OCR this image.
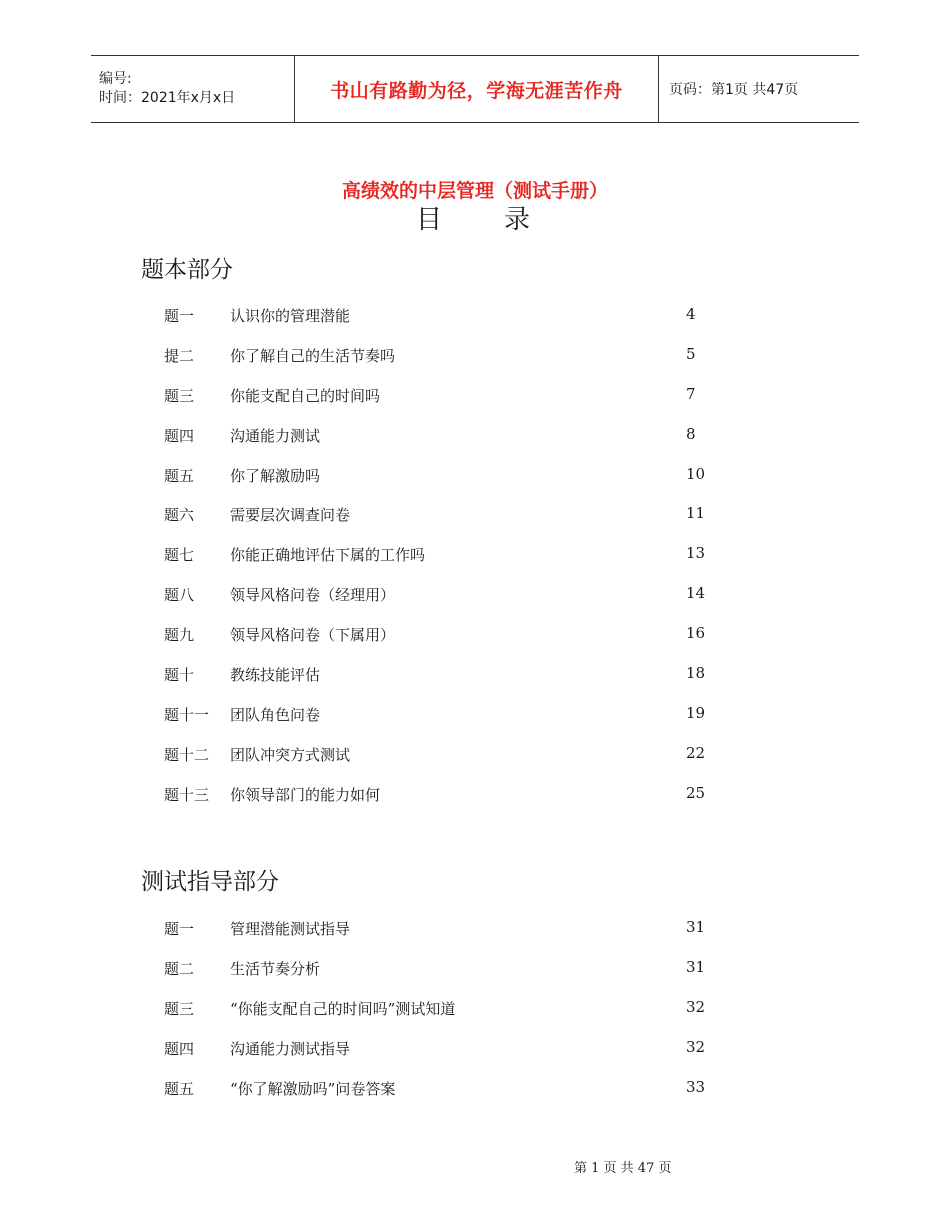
编号:
时间：2021年x月x日	书山有路勤为径，学海无涯苦作舟	页码：第1页 共47页
高绩效的中层管理（测试手册）
目 录
题本部分
题一 认识你的管理潜能	4
提二 你了解自己的生活节奏吗	5
题三 你能支配自己的时间吗	7
题四 沟通能力测试	8
题五 你了解激励吗	10
题六 需要层次调查问卷	11
题七 你能正确地评估下属的工作吗	13
题八 领导风格问卷（经理用）	14
题九 领导风格问卷（下属用）	16
题十 教练技能评估	18
题十一 团队角色问卷	19
题十二 团队冲突方式测试	22
题十三 你领导部门的能力如何	25
测试指导部分
题一 管理潜能测试指导	31
题二 生活节奏分析	31
题三 “你能支配自己的时间吗”测试知道	32
题四 沟通能力测试指导	32
题五 “你了解激励吗”问卷答案	33
第 1 页 共 47 页
